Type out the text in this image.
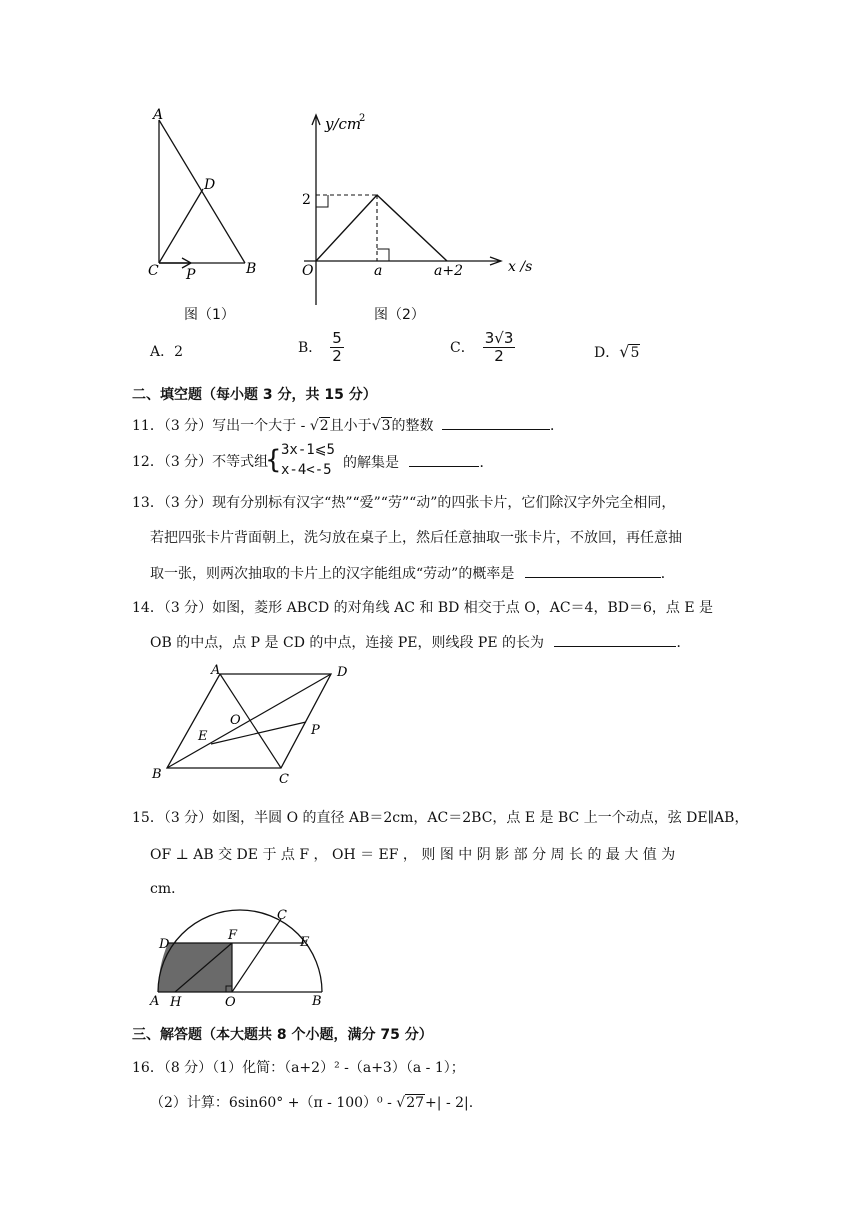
A
D
C P	B
图（1）
y/cm
2
2
O	a	a+2	x /s
图（2）
A．2	B． $\frac{5}{2}$	C． $\frac{3√3}{2}$	D．√5
二、填空题（每小题 3 分，共 15 分）
11．（3 分）写出一个大于 - √2且小于√3的整数	．
12．（3 分）不等式组
{ 3x-1⩽5
x-4<-5 的解集是	．
13．（3 分）现有分别标有汉字“热”“爱”“劳”“动”的四张卡片，它们除汉字外完全相同，
若把四张卡片背面朝上，洗匀放在桌子上，然后任意抽取一张卡片，不放回，再任意抽
取一张，则两次抽取的卡片上的汉字能组成“劳动”的概率是	．
14．（3 分）如图，菱形 ABCD 的对角线 AC 和 BD 相交于点 O，AC＝4，BD＝6，点 E 是
OB 的中点，点 P 是 CD 的中点，连接 PE，则线段 PE 的长为	．
A	D
B	C
O
E	P
15．（3 分）如图，半圆 O 的直径 AB＝2cm，AC＝2BC，点 E 是 BC 上一个动点，弦 DE∥AB，
OF ⊥ AB 交 DE 于 点 F ， OH ＝ EF ， 则 图 中 阴 影 部 分 周 长 的 最 大 值 为
cm．
D
F
C
E
A H	O	B
三、解答题（本大题共 8 个小题，满分 75 分）
16．（8 分）（1）化简：（a+2）² -（a+3）（a - 1）；
（2）计算：6sin60° +（π - 100）⁰ - √27+| - 2|.
